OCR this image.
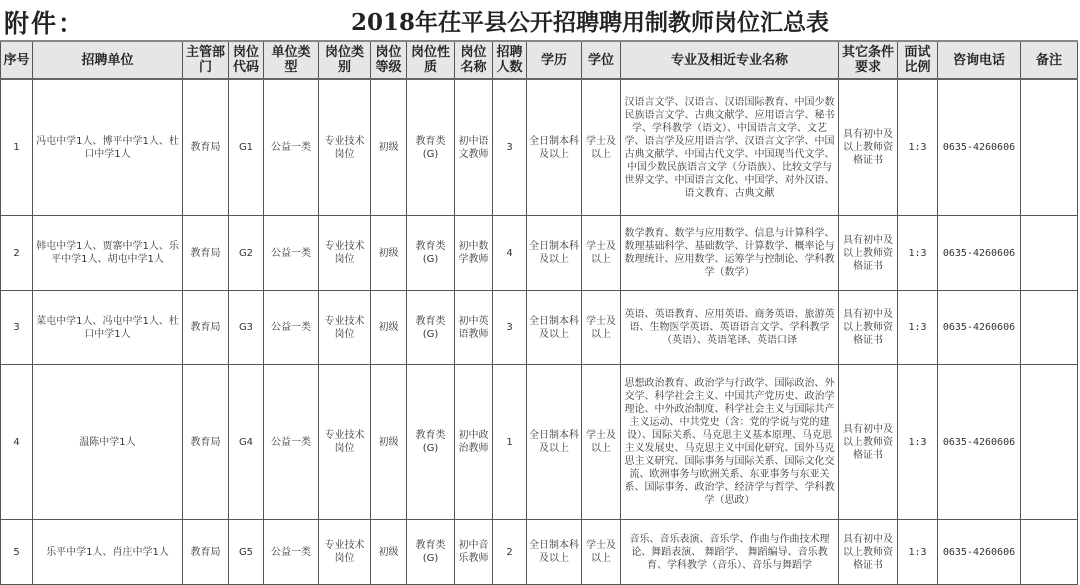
附件：	2018年茌平县公开招聘聘用制教师岗位汇总表
序号	招聘单位	主管部门	岗位代码	单位类型	岗位类别	岗位等级	岗位性质	岗位名称	招聘人数	学历	学位	专业及相近专业名称	其它条件要求	面试比例	咨询电话	备注
1	冯屯中学1人、博平中学1人、杜口中学1人	教育局	G1	公益一类	专业技术岗位	初级	教育类(G)	初中语文教师	3	全日制本科及以上	学士及以上	汉语言文学、汉语言、汉语国际教育、中国少数民族语言文学、古典文献学、应用语言学、秘书学、学科教学（语文）、中国语言文学、文艺学、语言学及应用语言学、汉语言文字学、中国古典文献学、中国古代文学、中国现当代文学、中国少数民族语言文学（分语族）、比较文学与世界文学、中国语言文化、中国学、对外汉语、语文教育、古典文献	具有初中及以上教师资格证书	1:3	0635-4260606	
2	韩屯中学1人、贾寨中学1人、乐平中学1人、胡屯中学1人	教育局	G2	公益一类	专业技术岗位	初级	教育类(G)	初中数学教师	4	全日制本科及以上	学士及以上	数学教育、数学与应用数学、信息与计算科学、数理基础科学、基础数学、计算数学、概率论与数理统计、应用数学、运筹学与控制论、学科教学（数学）	具有初中及以上教师资格证书	1:3	0635-4260606	
3	菜屯中学1人、冯屯中学1人、杜口中学1人	教育局	G3	公益一类	专业技术岗位	初级	教育类(G)	初中英语教师	3	全日制本科及以上	学士及以上	英语、英语教育、应用英语、商务英语、旅游英语、生物医学英语、英语语言文学、学科教学（英语）、英语笔译、英语口译	具有初中及以上教师资格证书	1:3	0635-4260606	
4	温陈中学1人	教育局	G4	公益一类	专业技术岗位	初级	教育类(G)	初中政治教师	1	全日制本科及以上	学士及以上	思想政治教育、政治学与行政学、国际政治、外交学、科学社会主义、中国共产党历史、政治学理论、中外政治制度、科学社会主义与国际共产主义运动、中共党史（含：党的学说与党的建设）、国际关系、马克思主义基本原理、马克思主义发展史、马克思主义中国化研究、国外马克思主义研究、国际事务与国际关系、国际文化交流、欧洲事务与欧洲关系、东亚事务与东亚关系、国际事务、政治学、经济学与哲学、学科教学（思政）	具有初中及以上教师资格证书	1:3	0635-4260606	
5	乐平中学1人、肖庄中学1人	教育局	G5	公益一类	专业技术岗位	初级	教育类(G)	初中音乐教师	2	全日制本科及以上	学士及以上	音乐、音乐表演、音乐学、作曲与作曲技术理论、舞蹈表演、 舞蹈学、 舞蹈编导、音乐教育、学科教学（音乐）、音乐与舞蹈学	具有初中及以上教师资格证书	1:3	0635-4260606	
